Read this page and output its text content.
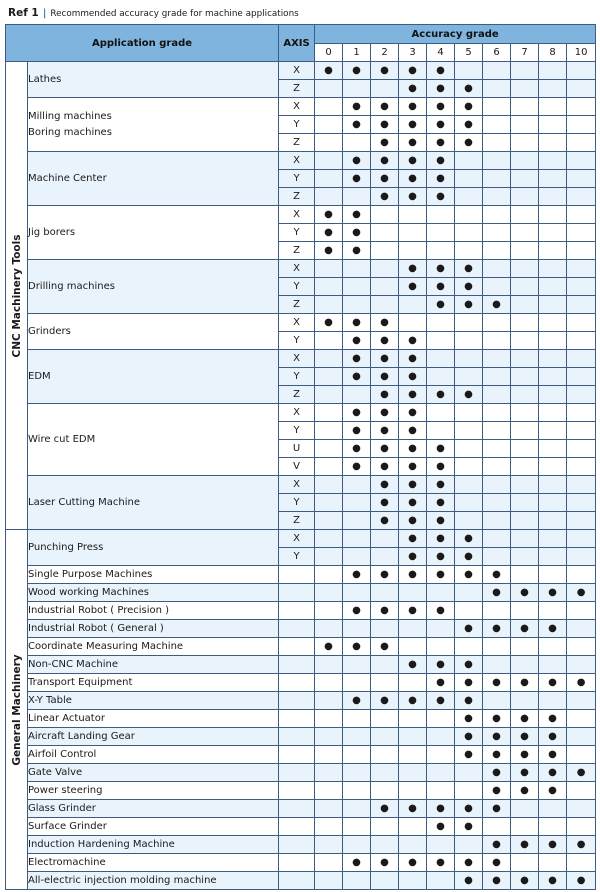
Ref 1 | Recommended accuracy grade for machine applications
Application grade		AXIS	Accuracy grade									
			0	1	2	3	4	5	6	7	8	10

CNC Machinery Tools	Lathes	X	●	●	●	●	●					
		Z				●	●	●				
	Milling machines
Boring machines	X		●	●	●	●	●				
		Y		●	●	●	●	●				
		Z			●	●	●	●				
	Machine Center	X		●	●	●	●					
		Y		●	●	●	●					
		Z			●	●	●					
	Jig borers	X	●	●								
		Y	●	●								
		Z	●	●								
	Drilling machines	X				●	●	●				
		Y				●	●	●				
		Z					●	●	●			
	Grinders	X	●	●	●							
		Y		●	●	●						
	EDM	X		●	●	●						
		Y		●	●	●						
		Z			●	●	●	●				
	Wire cut EDM	X		●	●	●						
		Y		●	●	●						
		U		●	●	●	●					
		V		●	●	●	●					
	Laser Cutting Machine	X			●	●	●					
		Y			●	●	●					
		Z			●	●	●					

General Machinery	Punching Press	X				●	●	●				
		Y				●	●	●				
	Single Purpose Machines			●	●	●	●	●	●			
	Wood working Machines								●	●	●	●
	Industrial Robot ( Precision )			●	●	●	●					
	Industrial Robot ( General )							●	●	●	●	
	Coordinate Measuring Machine		●	●	●							
	Non-CNC Machine					●	●	●				
	Transport Equipment						●	●	●	●	●	●
	X-Y Table			●	●	●	●	●				
	Linear Actuator							●	●	●	●	
	Aircraft Landing Gear							●	●	●	●	
	Airfoil Control							●	●	●	●	
	Gate Valve								●	●	●	●
	Power steering								●	●	●	
	Glass Grinder				●	●	●	●	●			
	Surface Grinder						●	●				
	Induction Hardening Machine								●	●	●	●
	Electromachine			●	●	●	●	●	●			
	All-electric injection molding machine							●	●	●	●	●
